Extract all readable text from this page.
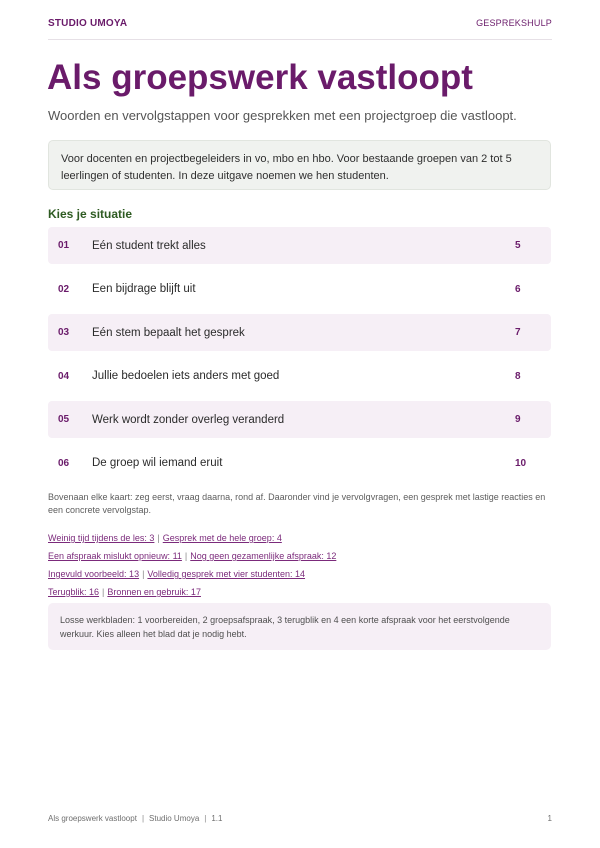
STUDIO UMOYA	GESPREKSHULP
Als groepswerk vastloopt

Woorden en vervolgstappen voor gesprekken met een projectgroep die vastloopt.

Voor docenten en projectbegeleiders in vo, mbo en hbo. Voor bestaande groepen van 2 tot 5 leerlingen of studenten. In deze uitgave noemen we hen studenten.
Kies je situatie
01	Eén student trekt alles	5
02	Een bijdrage blijft uit	6
03	Eén stem bepaalt het gesprek	7
04	Jullie bedoelen iets anders met goed	8
05	Werk wordt zonder overleg veranderd	9
06	De groep wil iemand eruit	10

Bovenaan elke kaart: zeg eerst, vraag daarna, rond af. Daaronder vind je vervolgvragen, een gesprek met lastige reacties en een concrete vervolgstap.

Weinig tijd tijdens de les: 3 | Gesprek met de hele groep: 4
Een afspraak mislukt opnieuw: 11 | Nog geen gezamenlijke afspraak: 12
Ingevuld voorbeeld: 13 | Volledig gesprek met vier studenten: 14
Terugblik: 16 | Bronnen en gebruik: 17
Losse werkbladen: 1 voorbereiden, 2 groepsafspraak, 3 terugblik en 4 een korte afspraak voor het eerstvolgende werkuur. Kies alleen het blad dat je nodig hebt.
Als groepswerk vastloopt | Studio Umoya | 1.1	1
